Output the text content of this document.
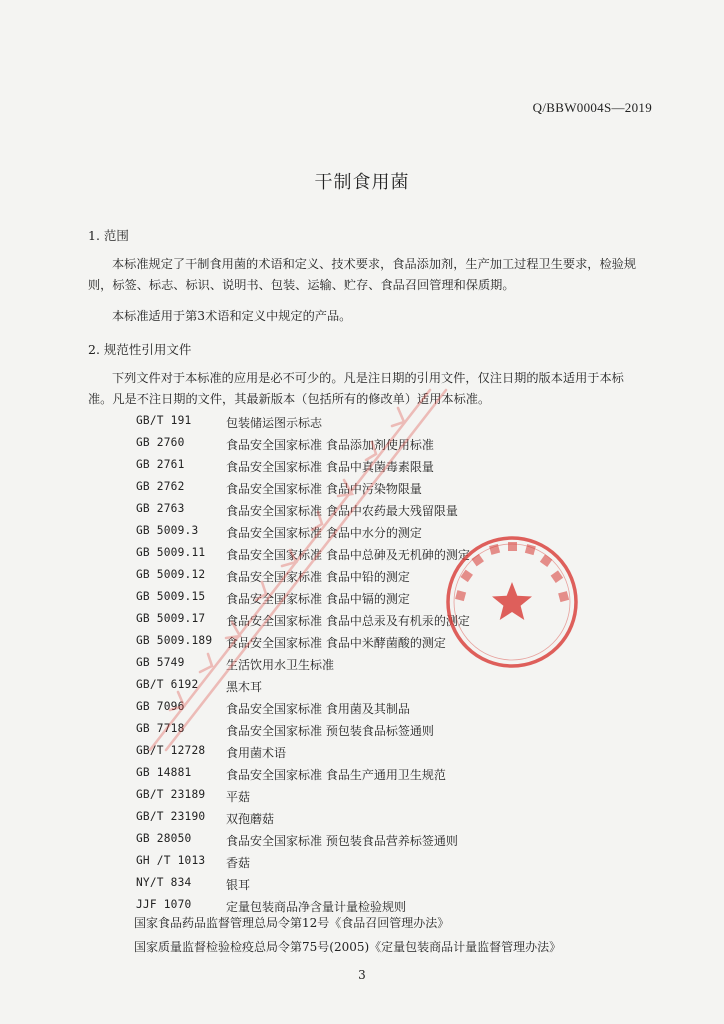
Q/BBW0004S—2019
干制食用菌
1. 范围
本标准规定了干制食用菌的术语和定义、技术要求，食品添加剂，生产加工过程卫生要求，检验规则，标签、标志、标识、说明书、包装、运输、贮存、食品召回管理和保质期。
本标准适用于第3术语和定义中规定的产品。
2. 规范性引用文件
下列文件对于本标准的应用是必不可少的。凡是注日期的引用文件，仅注日期的版本适用于本标准。凡是不注日期的文件，其最新版本（包括所有的修改单）适用本标准。
GB/T 191	包装储运图示标志
GB 2760	食品安全国家标准 食品添加剂使用标准
GB 2761	食品安全国家标准 食品中真菌毒素限量
GB 2762	食品安全国家标准 食品中污染物限量
GB 2763	食品安全国家标准 食品中农药最大残留限量
GB 5009.3 食品安全国家标准 食品中水分的测定
GB 5009.11 食品安全国家标准 食品中总砷及无机砷的测定
GB 5009.12 食品安全国家标准 食品中铅的测定
GB 5009.15 食品安全国家标准 食品中镉的测定
GB 5009.17 食品安全国家标准 食品中总汞及有机汞的测定
GB 5009.189 食品安全国家标准 食品中米酵菌酸的测定
GB 5749	生活饮用水卫生标准
GB/T 6192 黑木耳
GB 7096	食品安全国家标准 食用菌及其制品
GB 7718	食品安全国家标准 预包装食品标签通则
GB/T 12728 食用菌术语
GB 14881	食品安全国家标准 食品生产通用卫生规范
GB/T 23189 平菇
GB/T 23190 双孢蘑菇
GB 28050	食品安全国家标准 预包装食品营养标签通则
GH /T 1013 香菇
NY/T 834	银耳
JJF 1070	定量包装商品净含量计量检验规则
国家食品药品监督管理总局令第12号《食品召回管理办法》
国家质量监督检验检疫总局令第75号(2005)《定量包装商品计量监督管理办法》
3
